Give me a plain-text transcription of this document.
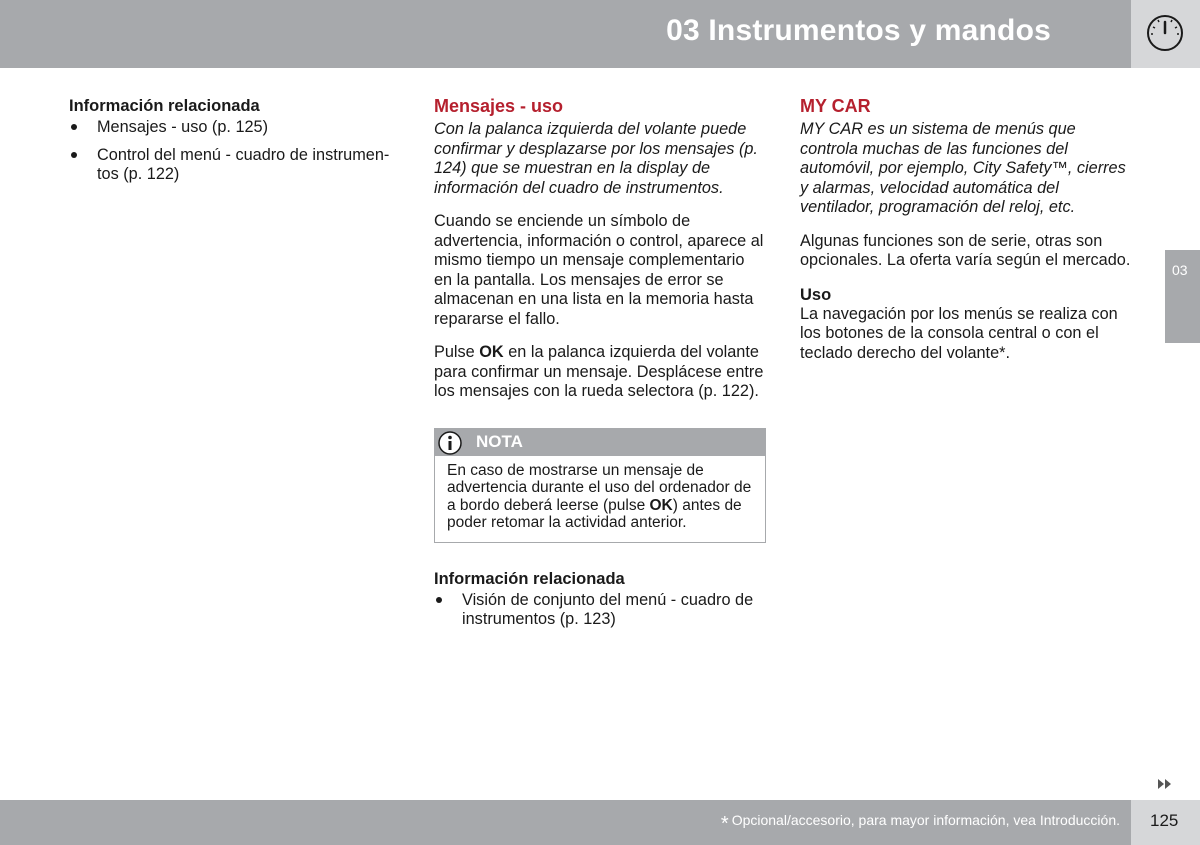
03 Instrumentos y mandos
Información relacionada
Mensajes - uso (p. 125)
Control del menú - cuadro de instrumen-
tos (p. 122)
Mensajes - uso

Con la palanca izquierda del volante puede confirmar y desplazarse por los mensajes (p. 124) que se muestran en la display de información del cuadro de instrumentos.

Cuando se enciende un símbolo de advertencia, información o control, aparece al mismo tiempo un mensaje complementario en la pantalla. Los mensajes de error se almacenan en una lista en la memoria hasta repararse el fallo.

Pulse OK en la palanca izquierda del volante para confirmar un mensaje. Desplácese entre los mensajes con la rueda selectora (p. 122).

NOTA
En caso de mostrarse un mensaje de advertencia durante el uso del ordenador de a bordo deberá leerse (pulse OK) antes de poder retomar la actividad anterior.
Información relacionada
Visión de conjunto del menú - cuadro de instrumentos (p. 123)
MY CAR

MY CAR es un sistema de menús que controla muchas de las funciones del automóvil, por ejemplo, City Safety™, cierres y alarmas, velocidad automática del ventilador, programación del reloj, etc.

Algunas funciones son de serie, otras son opcionales. La oferta varía según el mercado.

Uso

La navegación por los menús se realiza con los botones de la consola central o con el teclado derecho del volante*.

03
* Opcional/accesorio, para mayor información, vea Introducción. 125
